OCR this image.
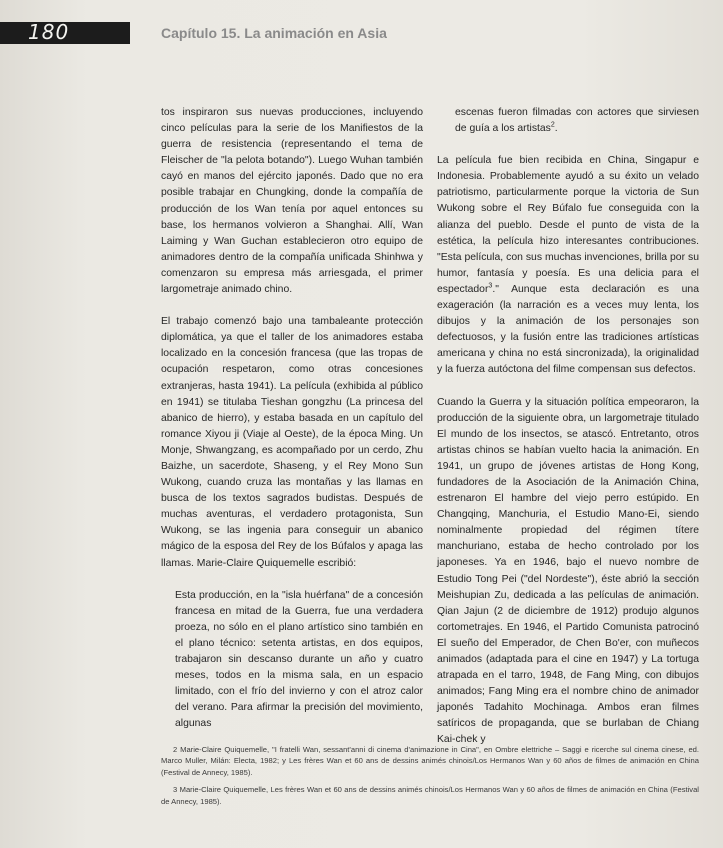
180	Capítulo 15. La animación en Asia

tos inspiraron sus nuevas producciones, incluyendo cinco películas para la serie de los Manifiestos de la guerra de resistencia (representando el tema de Fleischer de "la pelota botando"). Luego Wuhan también cayó en manos del ejército japonés. Dado que no era posible trabajar en Chungking, donde la compañía de producción de los Wan tenía por aquel entonces su base, los hermanos volvieron a Shanghai. Allí, Wan Laiming y Wan Guchan establecieron otro equipo de animadores dentro de la compañía unificada Shinhwa y comenzaron su empresa más arriesgada, el primer largometraje animado chino.

El trabajo comenzó bajo una tambaleante protección diplomática, ya que el taller de los animadores estaba localizado en la concesión francesa (que las tropas de ocupación respetaron, como otras concesiones extranjeras, hasta 1941). La película (exhibida al público en 1941) se titulaba Tieshan gongzhu (La princesa del abanico de hierro), y estaba basada en un capítulo del romance Xiyou ji (Viaje al Oeste), de la época Ming. Un Monje, Shwangzang, es acompañado por un cerdo, Zhu Baizhe, un sacerdote, Shaseng, y el Rey Mono Sun Wukong, cuando cruza las montañas y las llamas en busca de los textos sagrados budistas. Después de muchas aventuras, el verdadero protagonista, Sun Wukong, se las ingenia para conseguir un abanico mágico de la esposa del Rey de los Búfalos y apaga las llamas. Marie-Claire Quiquemelle escribió:

Esta producción, en la "isla huérfana" de a concesión francesa en mitad de la Guerra, fue una verdadera proeza, no sólo en el plano artístico sino también en el plano técnico: setenta artistas, en dos equipos, trabajaron sin descanso durante un año y cuatro meses, todos en la misma sala, en un espacio limitado, con el frío del invierno y con el atroz calor del verano. Para afirmar la precisión del movimiento, algunas

escenas fueron filmadas con actores que sirviesen de guía a los artistas$^2$.

La película fue bien recibida en China, Singapur e Indonesia. Probablemente ayudó a su éxito un velado patriotismo, particularmente porque la victoria de Sun Wukong sobre el Rey Búfalo fue conseguida con la alianza del pueblo. Desde el punto de vista de la estética, la película hizo interesantes contribuciones. "Esta película, con sus muchas invenciones, brilla por su humor, fantasía y poesía. Es una delicia para el espectador$^3$." Aunque esta declaración es una exageración (la narración es a veces muy lenta, los dibujos y la animación de los personajes son defectuosos, y la fusión entre las tradiciones artísticas americana y china no está sincronizada), la originalidad y la fuerza autóctona del filme compensan sus defectos.

Cuando la Guerra y la situación política empeoraron, la producción de la siguiente obra, un largometraje titulado El mundo de los insectos, se atascó. Entretanto, otros artistas chinos se habían vuelto hacia la animación. En 1941, un grupo de jóvenes artistas de Hong Kong, fundadores de la Asociación de la Animación China, estrenaron El hambre del viejo perro estúpido. En Changqing, Manchuria, el Estudio Mano-Ei, siendo nominalmente propiedad del régimen títere manchuriano, estaba de hecho controlado por los japoneses. Ya en 1946, bajo el nuevo nombre de Estudio Tong Pei ("del Nordeste"), éste abrió la sección Meishupian Zu, dedicada a las películas de animación. Qian Jajun (2 de diciembre de 1912) produjo algunos cortometrajes. En 1946, el Partido Comunista patrocinó El sueño del Emperador, de Chen Bo'er, con muñecos animados (adaptada para el cine en 1947) y La tortuga atrapada en el tarro, 1948, de Fang Ming, con dibujos animados; Fang Ming era el nombre chino de animador japonés Tadahito Mochinaga. Ambos eran filmes satíricos de propaganda, que se burlaban de Chiang Kai-chek y

2 Marie-Claire Quiquemelle, "I fratelli Wan, sessant'anni di cinema d'animazione in Cina", en Ombre elettriche – Saggi e ricerche sul cinema cinese, ed. Marco Muller, Milán: Electa, 1982; y Les frères Wan et 60 ans de dessins animés chinois/Los Hermanos Wan y 60 años de filmes de animación en China (Festival de Annecy, 1985).

3 Marie-Claire Quiquemelle, Les frères Wan et 60 ans de dessins animés chinois/Los Hermanos Wan y 60 años de filmes de animación en China (Festival de Annecy, 1985).
